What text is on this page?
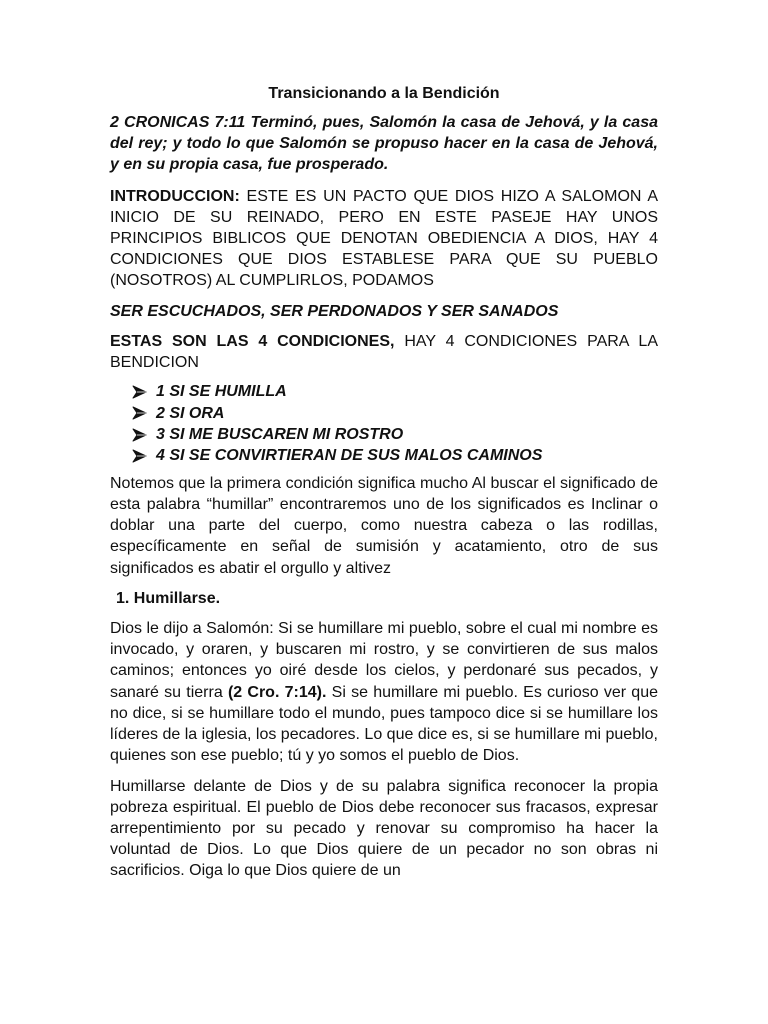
Transicionando a la Bendición

2 CRONICAS 7:11 Terminó, pues, Salomón la casa de Jehová, y la casa del rey; y todo lo que Salomón se propuso hacer en la casa de Jehová, y en su propia casa, fue prosperado.

INTRODUCCION: ESTE ES UN PACTO QUE DIOS HIZO A SALOMON A INICIO DE SU REINADO, PERO EN ESTE PASEJE HAY UNOS PRINCIPIOS BIBLICOS QUE DENOTAN OBEDIENCIA A DIOS, HAY 4 CONDICIONES QUE DIOS ESTABLESE PARA QUE SU PUEBLO (NOSOTROS) AL CUMPLIRLOS, PODAMOS

SER ESCUCHADOS, SER PERDONADOS Y SER SANADOS

ESTAS SON LAS 4 CONDICIONES, HAY 4 CONDICIONES PARA LA BENDICION

1 SI SE HUMILLA
2 SI ORA
3 SI ME BUSCAREN MI ROSTRO
4 SI SE CONVIRTIERAN DE SUS MALOS CAMINOS

Notemos que la primera condición significa mucho Al buscar el significado de esta palabra “humillar” encontraremos uno de los significados es Inclinar o doblar una parte del cuerpo, como nuestra cabeza o las rodillas, específicamente en señal de sumisión y acatamiento, otro de sus significados es abatir el orgullo y altivez

1. Humillarse.

Dios le dijo a Salomón: Si se humillare mi pueblo, sobre el cual mi nombre es invocado, y oraren, y buscaren mi rostro, y se convirtieren de sus malos caminos; entonces yo oiré desde los cielos, y perdonaré sus pecados, y sanaré su tierra (2 Cro. 7:14). Si se humillare mi pueblo. Es curioso ver que no dice, si se humillare todo el mundo, pues tampoco dice si se humillare los líderes de la iglesia, los pecadores. Lo que dice es, si se humillare mi pueblo, quienes son ese pueblo; tú y yo somos el pueblo de Dios.

Humillarse delante de Dios y de su palabra significa reconocer la propia pobreza espiritual. El pueblo de Dios debe reconocer sus fracasos, expresar arrepentimiento por su pecado y renovar su compromiso ha hacer la voluntad de Dios. Lo que Dios quiere de un pecador no son obras ni sacrificios. Oiga lo que Dios quiere de un
